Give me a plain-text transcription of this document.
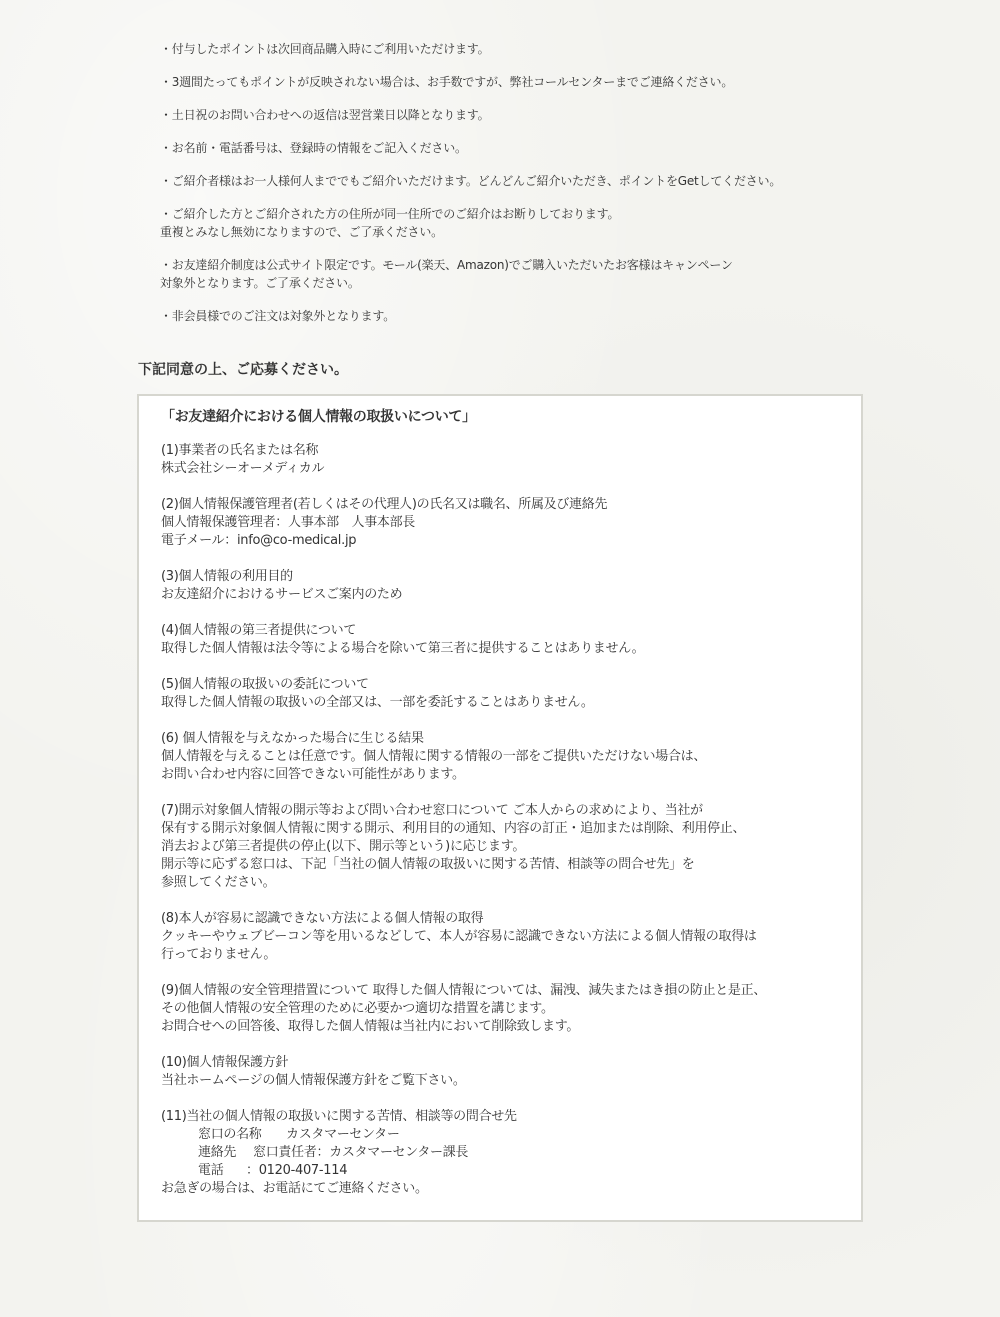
・付与したポイントは次回商品購入時にご利用いただけます。

・3週間たってもポイントが反映されない場合は、お手数ですが、弊社コールセンターまでご連絡ください。

・土日祝のお問い合わせへの返信は翌営業日以降となります。

・お名前・電話番号は、登録時の情報をご記入ください。

・ご紹介者様はお一人様何人まででもご紹介いただけます。どんどんご紹介いただき、ポイントをGetしてください。

・ご紹介した方とご紹介された方の住所が同一住所でのご紹介はお断りしております。
重複とみなし無効になりますので、ご了承ください。

・お友達紹介制度は公式サイト限定です。モール(楽天、Amazon)でご購入いただいたお客様はキャンペーン
対象外となります。ご了承ください。

・非会員様でのご注文は対象外となります。

下記同意の上、ご応募ください。
「お友達紹介における個人情報の取扱いについて」
(1)事業者の氏名または名称
株式会社シーオーメディカル
(2)個人情報保護管理者(若しくはその代理人)の氏名又は職名、所属及び連絡先
個人情報保護管理者：人事本部　人事本部長
電子メール：info@co-medical.jp
(3)個人情報の利用目的
お友達紹介におけるサービスご案内のため
(4)個人情報の第三者提供について
取得した個人情報は法令等による場合を除いて第三者に提供することはありません。
(5)個人情報の取扱いの委託について
取得した個人情報の取扱いの全部又は、一部を委託することはありません。
(6) 個人情報を与えなかった場合に生じる結果
個人情報を与えることは任意です。個人情報に関する情報の一部をご提供いただけない場合は、
お問い合わせ内容に回答できない可能性があります。
(7)開示対象個人情報の開示等および問い合わせ窓口について ご本人からの求めにより、当社が
保有する開示対象個人情報に関する開示、利用目的の通知、内容の訂正・追加または削除、利用停止、
消去および第三者提供の停止(以下、開示等という)に応じます。
開示等に応ずる窓口は、下記「当社の個人情報の取扱いに関する苦情、相談等の問合せ先」を
参照してください。
(8)本人が容易に認識できない方法による個人情報の取得
クッキーやウェブビーコン等を用いるなどして、本人が容易に認識できない方法による個人情報の取得は
行っておりません。
(9)個人情報の安全管理措置について 取得した個人情報については、漏洩、減失またはき損の防止と是正、
その他個人情報の安全管理のために必要かつ適切な措置を講じます。
お問合せへの回答後、取得した個人情報は当社内において削除致します。
(10)個人情報保護方針
当社ホームページの個人情報保護方針をご覧下さい。
(11)当社の個人情報の取扱いに関する苦情、相談等の問合せ先
窓口の名称 カスタマーセンター
連絡先 窓口責任者：カスタマーセンター課長
電話 ：0120-407-114
お急ぎの場合は、お電話にてご連絡ください。
